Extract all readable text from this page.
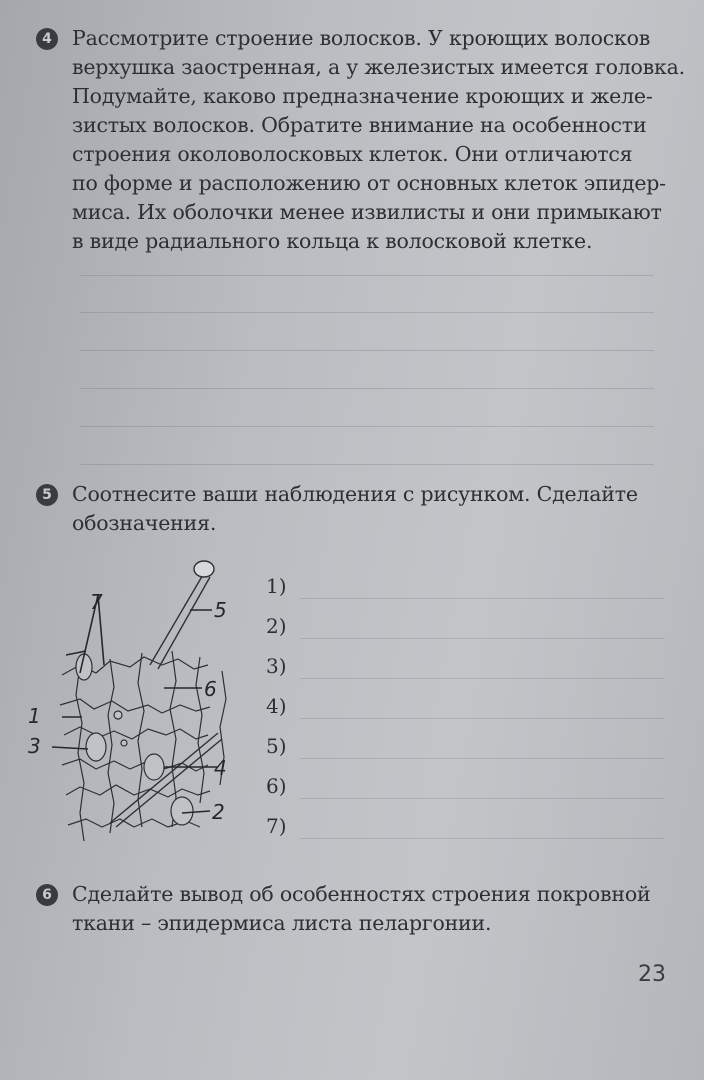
4 Рассмотрите строение волосков. У кроющих волосков
верхушка заостренная, а у железистых имеется головка.
Подумайте, каково предназначение кроющих и желе-
зистых волосков. Обратите внимание на особенности
строения околоволосковых клеток. Они отличаются
по форме и расположению от основных клеток эпидер-
миса. Их оболочки менее извилисты и они примыкают
в виде радиального кольца к волосковой клетке.
5 Соотнесите ваши наблюдения с рисунком. Сделайте
обозначения.
1
2
3
4
5
6
7
1)
2)
3)
4)
5)
6)
7)
6 Сделайте вывод об особенностях строения покровной
ткани – эпидермиса листа пеларгонии.
23
